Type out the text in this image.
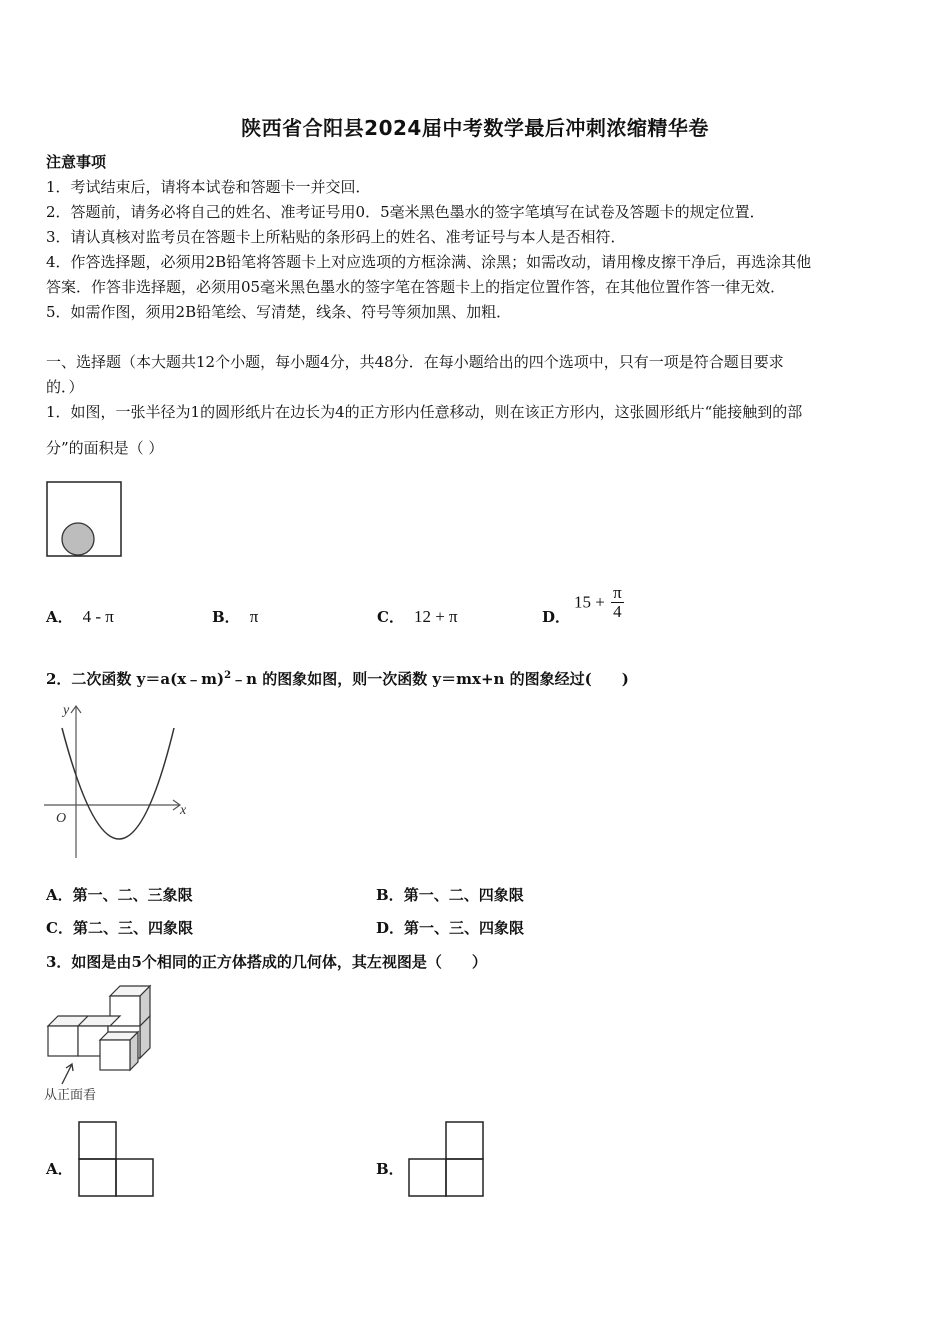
陕西省合阳县2024届中考数学最后冲刺浓缩精华卷
注意事项
1．考试结束后，请将本试卷和答题卡一并交回．
2．答题前，请务必将自己的姓名、准考证号用0．5毫米黑色墨水的签字笔填写在试卷及答题卡的规定位置．
3．请认真核对监考员在答题卡上所粘贴的条形码上的姓名、准考证号与本人是否相符．
4．作答选择题，必须用2B铅笔将答题卡上对应选项的方框涂满、涂黑；如需改动，请用橡皮擦干净后，再选涂其他
答案．作答非选择题，必须用05毫米黑色墨水的签字笔在答题卡上的指定位置作答，在其他位置作答一律无效．
5．如需作图，须用2B铅笔绘、写清楚，线条、符号等须加黑、加粗．
一、选择题（本大题共12个小题，每小题4分，共48分．在每小题给出的四个选项中，只有一项是符合题目要求
的．）
1．如图，一张半径为1的圆形纸片在边长为4的正方形内任意移动，则在该正方形内，这张圆形纸片“能接触到的部
分”的面积是（ ）
A． 4 - π	B． π	C． 12 + π	D．
$15 + \frac{\pi}{4}$
2．二次函数 y＝a(x﹣m)$^2$﹣n 的图象如图，则一次函数 y＝mx+n 的图象经过(　　)
y
x
O
A．第一、二、三象限	B．第一、二、四象限
C．第二、三、四象限	D．第一、三、四象限
3．如图是由5个相同的正方体搭成的几何体，其左视图是（　　）
从正面看
A．	B．
